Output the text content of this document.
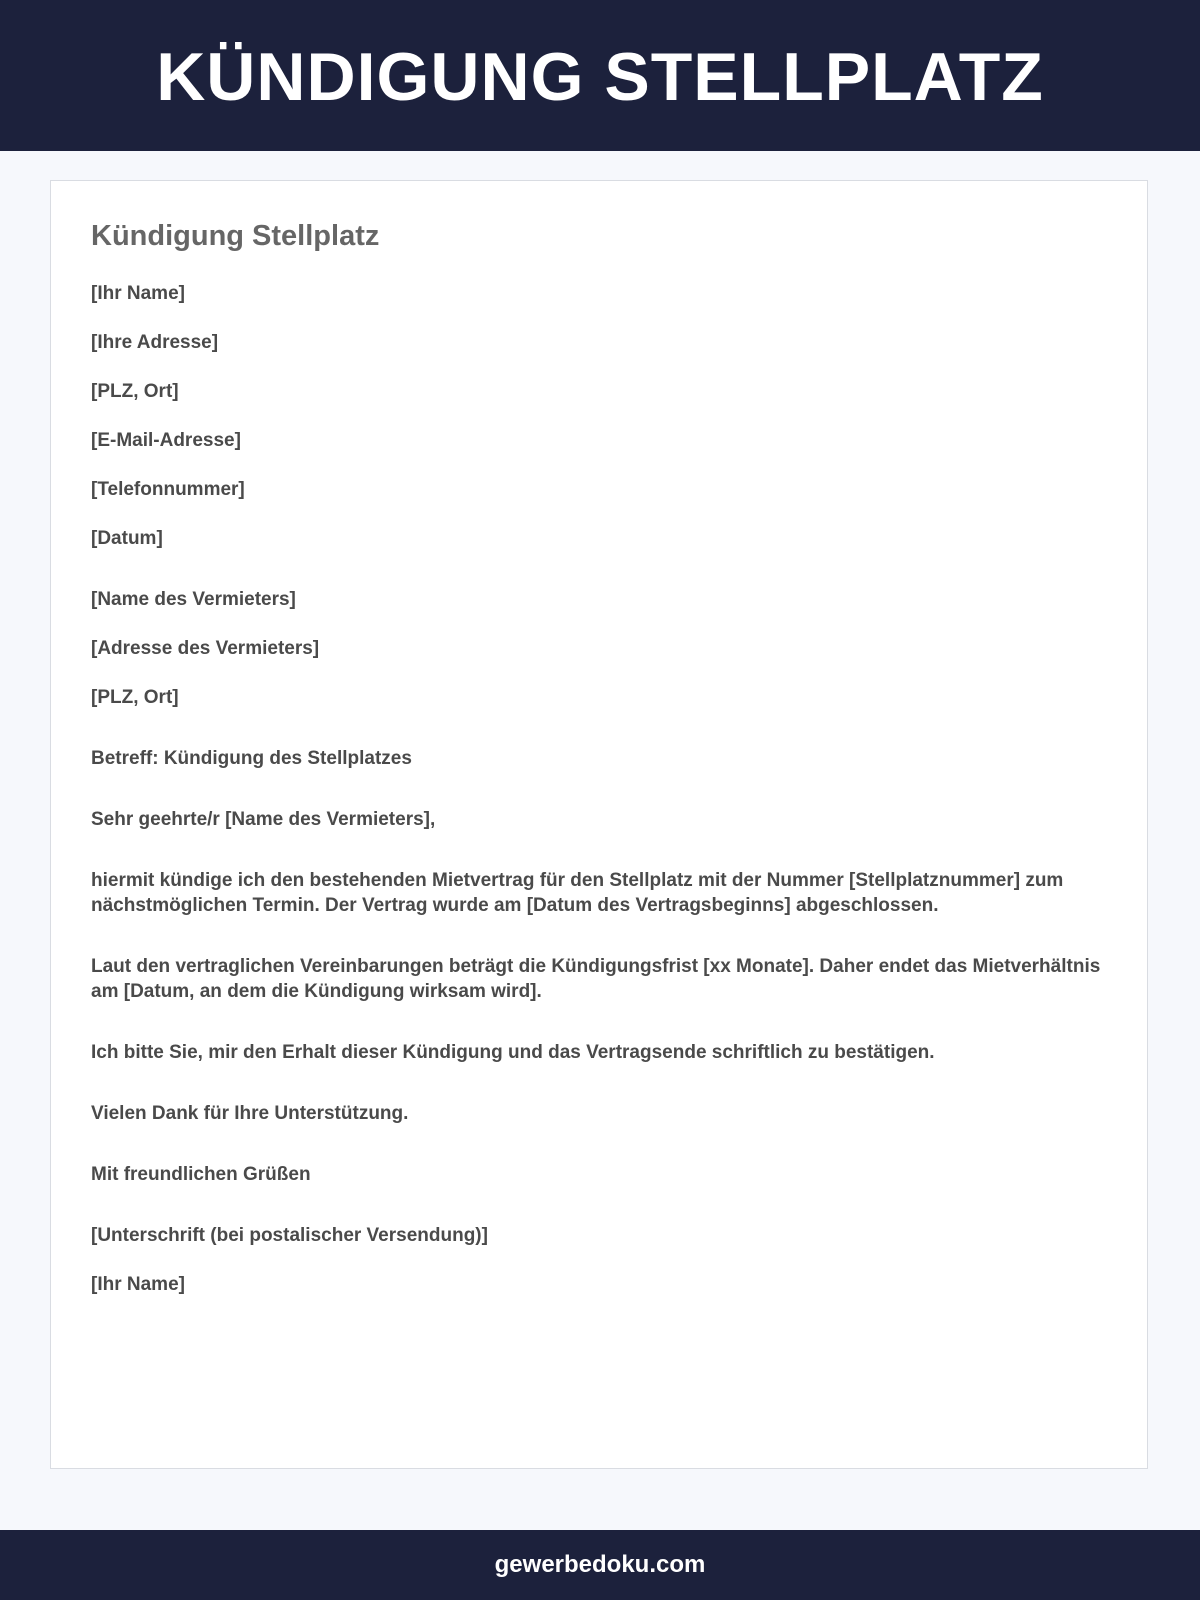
KÜNDIGUNG STELLPLATZ
Kündigung Stellplatz

[Ihr Name]

[Ihre Adresse]

[PLZ, Ort]

[E-Mail-Adresse]

[Telefonnummer]

[Datum]

[Name des Vermieters]

[Adresse des Vermieters]

[PLZ, Ort]

Betreff: Kündigung des Stellplatzes

Sehr geehrte/r [Name des Vermieters],

hiermit kündige ich den bestehenden Mietvertrag für den Stellplatz mit der Nummer [Stellplatznummer] zum nächstmöglichen Termin. Der Vertrag wurde am [Datum des Vertragsbeginns] abgeschlossen.

Laut den vertraglichen Vereinbarungen beträgt die Kündigungsfrist [xx Monate]. Daher endet das Mietverhältnis am [Datum, an dem die Kündigung wirksam wird].

Ich bitte Sie, mir den Erhalt dieser Kündigung und das Vertragsende schriftlich zu bestätigen.

Vielen Dank für Ihre Unterstützung.

Mit freundlichen Grüßen

[Unterschrift (bei postalischer Versendung)]

[Ihr Name]

gewerbedoku.com
